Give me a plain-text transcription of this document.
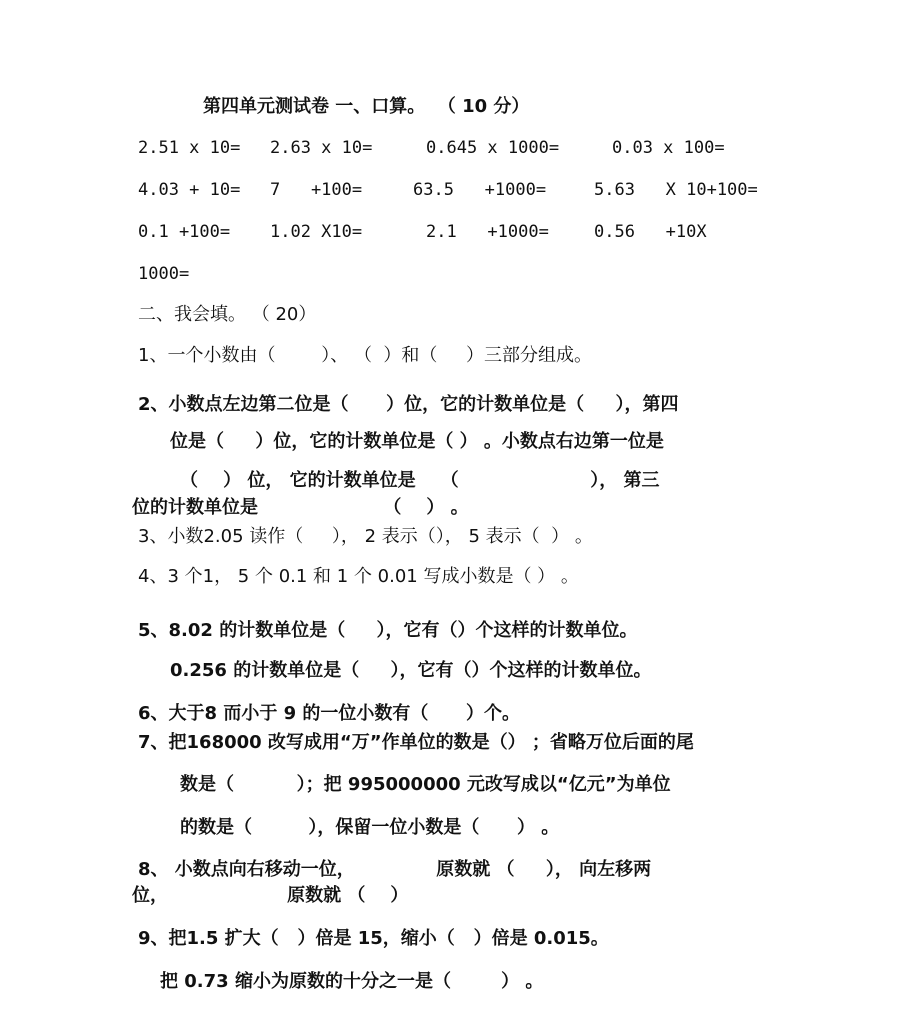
第四单元测试卷 一、口算。  （ 10 分）
2.51 x 10= 2.63 x 10=	0.645 x 1000=	0.03 x 100=
4.03 + 10= 7   +100=	63.5   +1000=	5.63   X 10+100=
0.1 +100= 1.02 X10=	2.1   +1000=	0.56   +10X
1000=
二、我会填。 （ 20）
1、一个小数由（        ）、 （  ）和（     ）三部分组成。
2、小数点左边第二位是（      ）位，它的计数单位是（     ），第四
位是（     ）位，它的计数单位是（ ） 。小数点右边第一位是
（    ） 位， 它的计数单位是    （                     ）， 第三
位的计数单位是                    （    ） 。
3、小数2.05 读作（     ）， 2 表示（）， 5 表示（  ） 。
4、3 个1， 5 个 0.1 和 1 个 0.01 写成小数是（ ） 。
5、8.02 的计数单位是（     ），它有（）个这样的计数单位。
0.256 的计数单位是（     ），它有（）个这样的计数单位。
6、大于8 而小于 9 的一位小数有（      ）个。
7、把168000 改写成用“万”作单位的数是（） ；省略万位后面的尾
数是（          ）；把 995000000 元改写成以“亿元”为单位
的数是（         ），保留一位小数是（      ） 。
8、 小数点向右移动一位，             原数就 （     ）， 向左移两
位，                   原数就 （    ）
9、把1.5 扩大（   ）倍是 15，缩小（   ）倍是 0.015。
把 0.73 缩小为原数的十分之一是（        ） 。
